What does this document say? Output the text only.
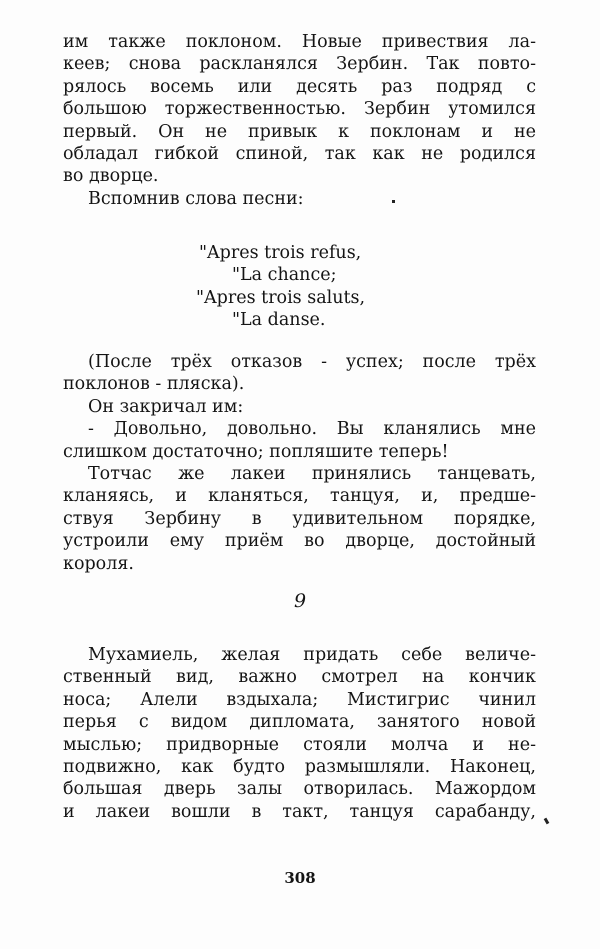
им также поклоном. Новые привествия ла-
кеев; снова раскланялся Зербин. Так повто-
рялось восемь или десять раз подряд с
большою торжественностью. Зербин утомился
первый. Он не привык к поклонам и не
обладал гибкой спиной, так как не родился
во дворце.
Вспомнив слова песни:
"Apres trois refus,
"La chance;
"Apres trois saluts,
"La danse.
(После трёх отказов - успех; после трёх
поклонов - пляска).
Он закричал им:
- Довольно, довольно. Вы кланялись мне
слишком достаточно; попляшите теперь!
Тотчас же лакеи принялись танцевать,
кланяясь, и кланяться, танцуя, и, предше-
ствуя Зербину в удивительном порядке,
устроили ему приём во дворце, достойный
короля.
9
Мухамиель, желая придать себе величе-
ственный вид, важно смотрел на кончик
носа; Алели вздыхала; Мистигрис чинил
перья с видом дипломата, занятого новой
мыслью; придворные стояли молча и не-
подвижно, как будто размышляли. Наконец,
большая дверь залы отворилась. Мажордом
и лакеи вошли в такт, танцуя сарабанду,
308
